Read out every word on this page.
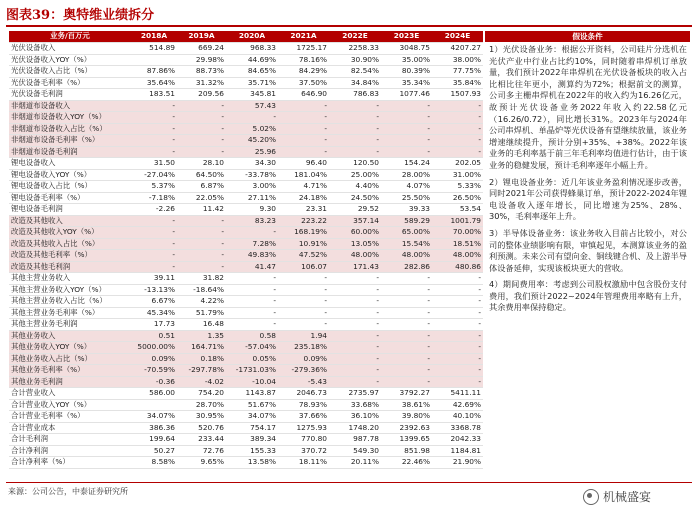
图表39：奥特维业绩拆分
业务/百万元	2018A	2019A	2020A	2021A	2022E	2023E	2024E
光伏设备收入	514.89	669.24	968.33	1725.17	2258.33	3048.75	4207.27
光伏设备收入YOY（%）		29.98%	44.69%	78.16%	30.90%	35.00%	38.00%
光伏设备收入占比（%）	87.86%	88.73%	84.65%	84.29%	82.54%	80.39%	77.75%
光伏设备毛利率（%）	35.64%	31.32%	35.71%	37.50%	34.84%	35.34%	35.84%
光伏设备毛利润	183.51	209.56	345.81	646.90	786.83	1077.46	1507.93
非烟道布设备收入	-	-	57.43	-	-	-	-
非烟道布设备收入YOY（%）	-	-	-	-	-	-	-
非烟道布设备收入占比（%）	-	-	5.02%	-	-	-	-
非烟道布设备毛利率（%）	-	-	45.20%	-	-	-	-
非烟道布设备毛利润	-	-	25.96	-	-	-	-
锂电设备收入	31.50	28.10	34.30	96.40	120.50	154.24	202.05
锂电设备收入YOY（%）	-27.04%	64.50%	-33.78%	181.04%	25.00%	28.00%	31.00%
锂电设备收入占比（%）	5.37%	6.87%	3.00%	4.71%	4.40%	4.07%	5.33%
锂电设备毛利率（%）	-7.18%	22.05%	27.11%	24.18%	24.50%	25.50%	26.50%
锂电设备毛利润	-2.26	11.42	9.30	23.31	29.52	39.33	53.54
改造及其他收入	-	-	83.23	223.22	357.14	589.29	1001.79
改造及其他收入YOY（%）	-	-	-	168.19%	60.00%	65.00%	70.00%
改造及其他收入占比（%）	-	-	7.28%	10.91%	13.05%	15.54%	18.51%
改造及其他毛利率（%）	-	-	49.83%	47.52%	48.00%	48.00%	48.00%
改造及其他毛利润	-	-	41.47	106.07	171.43	282.86	480.86
其他主营业务收入	39.11	31.82	-	-	-	-	-
其他主营业务收入YOY（%）	-13.13%	-18.64%	-	-	-	-	-
其他主营业务收入占比（%）	6.67%	4.22%	-	-	-	-	-
其他主营业务毛利率（%）	45.34%	51.79%	-	-	-	-	-
其他主营业务毛利润	17.73	16.48	-	-	-	-	-
其他业务收入	0.51	1.35	0.58	1.94	-	-	-
其他业务收入YOY（%）	5000.00%	164.71%	-57.04%	235.18%	-	-	-
其他业务收入占比（%）	0.09%	0.18%	0.05%	0.09%	-	-	-
其他业务毛利率（%）	-70.59%	-297.78%	-1731.03%	-279.36%	-	-	-
其他业务毛利润	-0.36	-4.02	-10.04	-5.43	-	-	-
合计营业收入	586.00	754.20	1143.87	2046.73	2735.97	3792.27	5411.11
合计营业收入YOY（%）		28.70%	51.67%	78.93%	33.68%	38.61%	42.69%
合计营业毛利率（%）	34.07%	30.95%	34.07%	37.66%	36.10%	39.80%	40.10%
合计营业成本	386.36	520.76	754.17	1275.93	1748.20	2392.63	3368.78
合计毛利润	199.64	233.44	389.34	770.80	987.78	1399.65	2042.33
合计净利润	50.27	72.76	155.33	370.72	549.30	851.98	1184.81
合计净利率（%）	8.58%	9.65%	13.58%	18.11%	20.11%	22.46%	21.90%
假设条件

1）光伏设备业务：根据公开资料，公司硅片分选机在光伏产业中行业占比约10%，同时随着串焊机订单放量，我们预计2022年串焊机在光伏设备板块的收入占比相比往年更小，测算约为72%；根据前文的测算，公司多主栅串焊机在2022年的收入约为16.26亿元，故预计光伏设备业务2022年收入约22.58亿元（16.26/0.72），同比增长31%。2023年与2024年公司串焊机、单晶炉等光伏设备有望继续放量，该业务增速继续提升，预计分别+35%、+38%。2022年该业务的毛利率基于前三年毛利率均值进行估计，由于该业务的稳健发展，预计毛利率逐年小幅上升。

2）锂电设备业务：近几年该业务盈利情况逐步改善，同时2021年公司获得蜂巢订单，预计2022-2024年锂电设备收入逐年增长，同比增速为25%、28%、30%，毛利率逐年上升。

3）半导体设备业务：该业务收入目前占比较小，对公司的整体业绩影响有限，审慎起见，本测算该业务的盈利预测。未来公司有望向金、铜线键合机、及上游半导体设备延伸，实现该板块更大的营收。

4）期间费用率：考虑到公司股权激励中包含股份支付费用，我们预计2022~2024年管理费用率略有上升，其余费用率保持稳定。

来源：公司公告，中泰证券研究所	机械盛宴
